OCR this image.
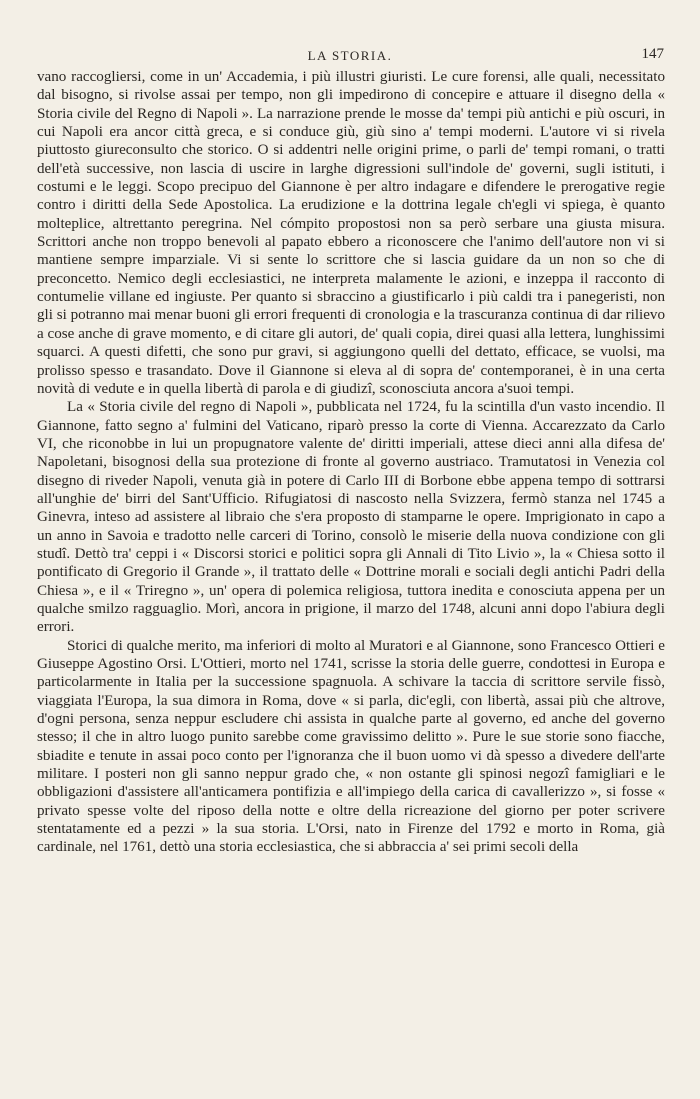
LA STORIA.	147

vano raccogliersi, come in un' Accademia, i più illustri giuristi. Le cure forensi, alle quali, necessitato dal bisogno, si rivolse assai per tempo, non gli impedirono di concepire e attuare il disegno della « Storia civile del Regno di Napoli ». La narrazione prende le mosse da' tempi più antichi e più oscuri, in cui Napoli era ancor città greca, e si conduce giù, giù sino a' tempi moderni. L'autore vi si rivela piuttosto giureconsulto che storico. O si addentri nelle origini prime, o parli de' tempi romani, o tratti dell'età successive, non lascia di uscire in larghe digressioni sull'indole de' governi, sugli istituti, i costumi e le leggi. Scopo precipuo del Giannone è per altro indagare e difendere le prerogative regie contro i diritti della Sede Apostolica. La erudizione e la dottrina legale ch'egli vi spiega, è quanto molteplice, altrettanto peregrina. Nel cómpito propostosi non sa però serbare una giusta misura. Scrittori anche non troppo benevoli al papato ebbero a riconoscere che l'animo dell'autore non vi si mantiene sempre imparziale. Vi si sente lo scrittore che si lascia guidare da un non so che di preconcetto. Nemico degli ecclesiastici, ne interpreta malamente le azioni, e inzeppa il racconto di contumelie villane ed ingiuste. Per quanto si sbraccino a giustificarlo i più caldi tra i panegeristi, non gli si potranno mai menar buoni gli errori frequenti di cronologia e la trascuranza continua di dar rilievo a cose anche di grave momento, e di citare gli autori, de' quali copia, direi quasi alla lettera, lunghissimi squarci. A questi difetti, che sono pur gravi, si aggiungono quelli del dettato, efficace, se vuolsi, ma prolisso spesso e trasandato. Dove il Giannone si eleva al di sopra de' contemporanei, è in una certa novità di vedute e in quella libertà di parola e di giudizî, sconosciuta ancora a'suoi tempi.

La « Storia civile del regno di Napoli », pubblicata nel 1724, fu la scintilla d'un vasto incendio. Il Giannone, fatto segno a' fulmini del Vaticano, riparò presso la corte di Vienna. Accarezzato da Carlo VI, che riconobbe in lui un propugnatore valente de' diritti imperiali, attese dieci anni alla difesa de' Napoletani, bisognosi della sua protezione di fronte al governo austriaco. Tramutatosi in Venezia col disegno di riveder Napoli, venuta già in potere di Carlo III di Borbone ebbe appena tempo di sottrarsi all'unghie de' birri del Sant'Ufficio. Rifugiatosi di nascosto nella Svizzera, fermò stanza nel 1745 a Ginevra, inteso ad assistere al libraio che s'era proposto di stamparne le opere. Imprigionato in capo a un anno in Savoia e tradotto nelle carceri di Torino, consolò le miserie della nuova condizione con gli studî. Dettò tra' ceppi i « Discorsi storici e politici sopra gli Annali di Tito Livio », la « Chiesa sotto il pontificato di Gregorio il Grande », il trattato delle « Dottrine morali e sociali degli antichi Padri della Chiesa », e il « Triregno », un' opera di polemica religiosa, tuttora inedita e conosciuta appena per un qualche smilzo ragguaglio. Morì, ancora in prigione, il marzo del 1748, alcuni anni dopo l'abiura degli errori.

Storici di qualche merito, ma inferiori di molto al Muratori e al Giannone, sono Francesco Ottieri e Giuseppe Agostino Orsi. L'Ottieri, morto nel 1741, scrisse la storia delle guerre, condottesi in Europa e particolarmente in Italia per la successione spagnuola. A schivare la taccia di scrittore servile fissò, viaggiata l'Europa, la sua dimora in Roma, dove « si parla, dic'egli, con libertà, assai più che altrove, d'ogni persona, senza neppur escludere chi assista in qualche parte al governo, ed anche del governo stesso; il che in altro luogo punito sarebbe come gravissimo delitto ». Pure le sue storie sono fiacche, sbiadite e tenute in assai poco conto per l'ignoranza che il buon uomo vi dà spesso a divedere dell'arte militare. I posteri non gli sanno neppur grado che, « non ostante gli spinosi negozî famigliari e le obbligazioni d'assistere all'anticamera pontifizia e all'impiego della carica di cavallerizzo », si fosse « privato spesse volte del riposo della notte e oltre della ricreazione del giorno per poter scrivere stentatamente ed a pezzi » la sua storia. L'Orsi, nato in Firenze del 1792 e morto in Roma, già cardinale, nel 1761, dettò una storia ecclesiastica, che si abbraccia a' sei primi secoli della
